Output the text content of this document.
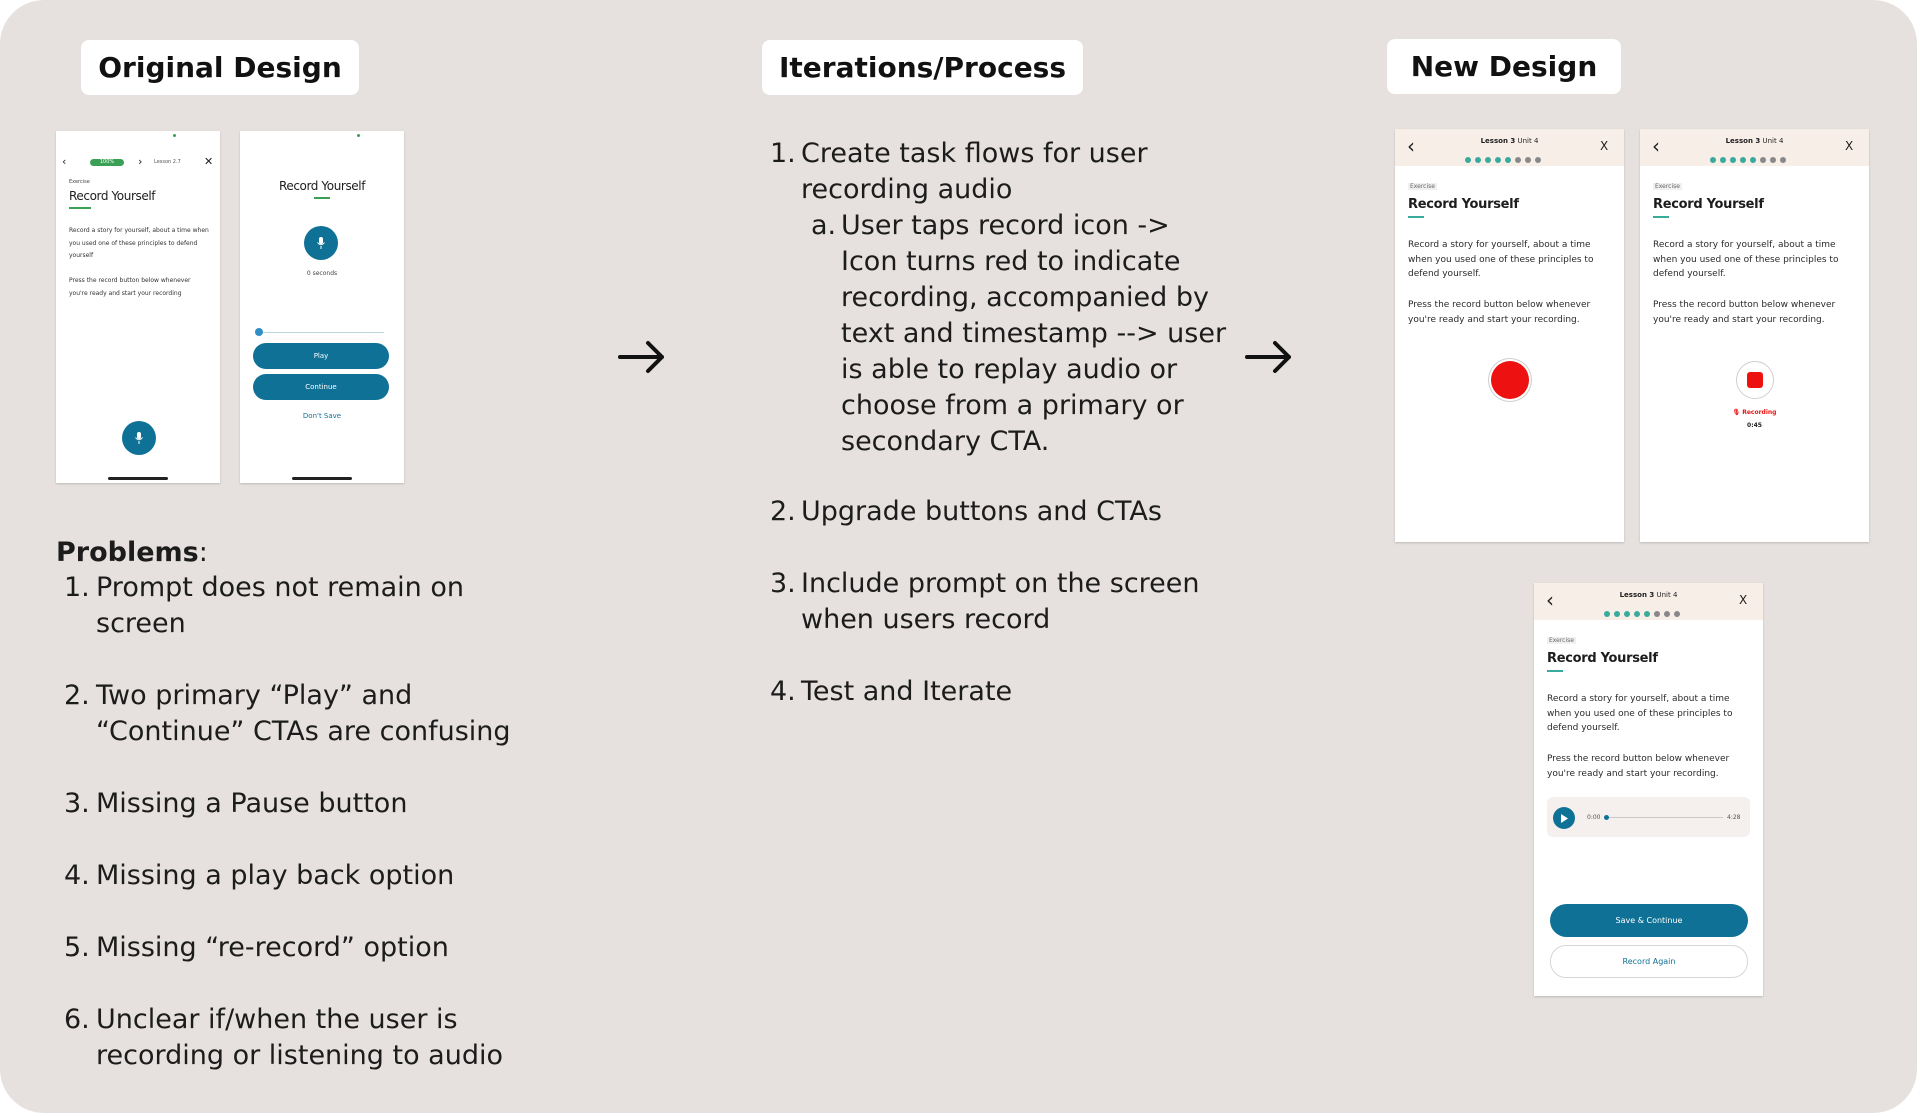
Original Design	Iterations/Process	New Design
‹	100%	› Lesson 2.7 ✕
Exercise
Record Yourself
Record a story for yourself, about a time when you used one of these principles to defend yourself
Press the record button below whenever you're ready and start your recording
Record Yourself
0 seconds
Play
Continue
Don't Save
Problems:
1. Prompt does not remain on
screen
2. Two primary “Play” and
“Continue” CTAs are confusing
3. Missing a Pause button
4. Missing a play back option
5. Missing “re-record” option
6. Unclear if/when the user is
recording or listening to audio
1. Create task flows for user
recording audio
a. User taps record icon ->
Icon turns red to indicate
recording, accompanied by
text and timestamp --> user
is able to replay audio or
choose from a primary or
secondary CTA.
2. Upgrade buttons and CTAs
3. Include prompt on the screen
when users record
4. Test and Iterate
‹	Lesson 3 Unit 4	X
Exercise
Record Yourself
Record a story for yourself, about a time when you used one of these principles to defend yourself.
Press the record button below whenever you're ready and start your recording.
‹	Lesson 3 Unit 4	X
Exercise
Record Yourself
Record a story for yourself, about a time when you used one of these principles to defend yourself.
Press the record button below whenever you're ready and start your recording.
🎙 Recording
0:45
‹	Lesson 3 Unit 4	X
Exercise
Record Yourself
Record a story for yourself, about a time when you used one of these principles to defend yourself.
Press the record button below whenever you're ready and start your recording.
0:00	4:28
Save & Continue
Record Again
